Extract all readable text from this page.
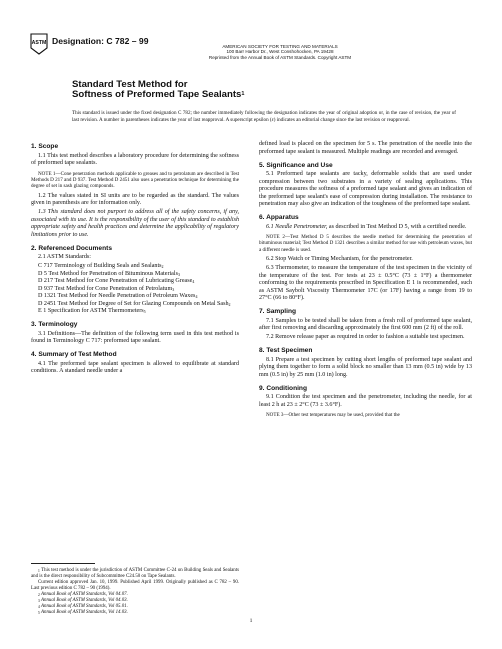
ASTM Designation: C 782 – 99
AMERICAN SOCIETY FOR TESTING AND MATERIALS
100 Barr Harbor Dr., West Conshohocken, PA 19428
Reprinted from the Annual Book of ASTM Standards. Copyright ASTM
Standard Test Method for
Softness of Preformed Tape Sealants$^1$
This standard is issued under the fixed designation C 782; the number immediately following the designation indicates the year of original adoption or, in the case of revision, the year of last revision. A number in parentheses indicates the year of last reapproval. A superscript epsilon (ε) indicates an editorial change since the last revision or reapproval.
1. Scope

1.1 This test method describes a laboratory procedure for determining the softness of preformed tape sealants.

NOTE 1—Cone penetration methods applicable to greases and to petrolatum are described in Test Methods D 217 and D 937. Test Method D 2451 also uses a penetration technique for determining the degree of set in sash glazing compounds.

1.2 The values stated in SI units are to be regarded as the standard. The values given in parenthesis are for information only.

1.3 This standard does not purport to address all of the safety concerns, if any, associated with its use. It is the responsibility of the user of this standard to establish appropriate safety and health practices and determine the applicability of regulatory limitations prior to use.

2. Referenced Documents

2.1 ASTM Standards:

C 717 Terminology of Building Seals and Sealants$^2$
D 5 Test Method for Penetration of Bituminous Materials$^3$
D 217 Test Method for Cone Penetration of Lubricating Grease$^4$
D 937 Test Method for Cone Penetration of Petrolatum$^3$
D 1321 Test Method for Needle Penetration of Petroleum Waxes$^4$
D 2451 Test Method for Degree of Set for Glazing Compounds on Metal Sash$^2$
E 1 Specification for ASTM Thermometers$^5$
3. Terminology

3.1 Definitions—The definition of the following term used in this test method is found in Terminology C 717: preformed tape sealant.

4. Summary of Test Method

4.1 The preformed tape sealant specimen is allowed to equilibrate at standard conditions. A standard needle under a

$^1$ This test method is under the jurisdiction of ASTM Committee C-24 on Building Seals and Sealants and is the direct responsibility of Subcommittee C24.50 on Tape Sealants.

Current edition approved Jan. 10, 1999. Published April 1999. Originally published as C 782 – 90. Last previous edition C 782 – 90 (1994).

$^2$ Annual Book of ASTM Standards, Vol 04.07.

$^3$ Annual Book of ASTM Standards, Vol 04.03.

$^4$ Annual Book of ASTM Standards, Vol 05.01.

$^5$ Annual Book of ASTM Standards, Vol 14.03.

defined load is placed on the specimen for 5 s. The penetration of the needle into the preformed tape sealant is measured. Multiple readings are recorded and averaged.

5. Significance and Use

5.1 Preformed tape sealants are tacky, deformable solids that are used under compression between two substrates in a variety of sealing applications. This procedure measures the softness of a preformed tape sealant and gives an indication of the preformed tape sealant's ease of compression during installation. The resistance to penetration may also give an indication of the toughness of the preformed tape sealant.

6. Apparatus

6.1 Needle Penetrometer, as described in Test Method D 5, with a certified needle.

NOTE 2—Test Method D 5 describes the needle method for determining the penetration of bituminous material; Test Method D 1321 describes a similar method for use with petroleum waxes, but a different needle is used.

6.2 Stop Watch or Timing Mechanism, for the penetrometer.

6.3 Thermometer, to measure the temperature of the test specimen in the vicinity of the temperature of the test. For tests at 23 ± 0.5°C (73 ± 1°F) a thermometer conforming to the requirements prescribed in Specification E 1 is recommended, such as ASTM Saybolt Viscosity Thermometer 17C (or 17F) having a range from 19 to 27°C (66 to 80°F).

7. Sampling

7.1 Samples to be tested shall be taken from a fresh roll of preformed tape sealant, after first removing and discarding approximately the first 600 mm (2 ft) of the roll.

7.2 Remove release paper as required in order to fashion a suitable test specimen.

8. Test Specimen

8.1 Prepare a test specimen by cutting short lengths of preformed tape sealant and plying them together to form a solid block no smaller than 13 mm (0.5 in) wide by 13 mm (0.5 in) by 25 mm (1.0 in) long.

9. Conditioning

9.1 Condition the test specimen and the penetrometer, including the needle, for at least 2 h at 23 ± 2°C (73 ± 3.6°F).

NOTE 3—Other test temperatures may be used, provided that the
1
